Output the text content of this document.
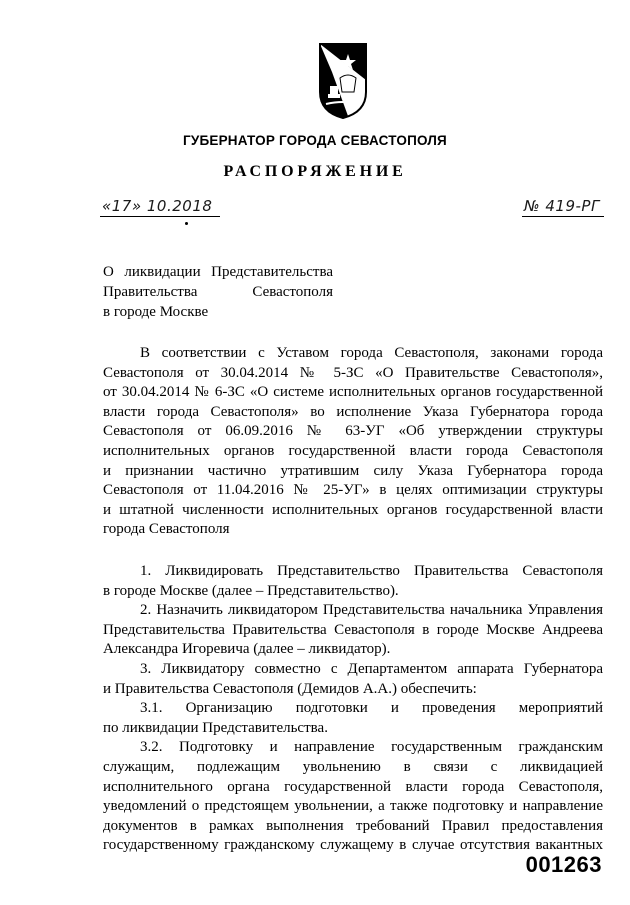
ГУБЕРНАТОР ГОРОДА СЕВАСТОПОЛЯ
РАСПОРЯЖЕНИЕ
«17» 10.2018	№ 419-РГ
О ликвидации Представительства
Правительства Севастополя
в городе Москве
В соответствии с Уставом города Севастополя, законами города
Севастополя от 30.04.2014 № 5-ЗС «О Правительстве Севастополя»,
от 30.04.2014 № 6-ЗС «О системе исполнительных органов государственной
власти города Севастополя» во исполнение Указа Губернатора города
Севастополя от 06.09.2016 № 63-УГ «Об утверждении структуры
исполнительных органов государственной власти города Севастополя
и признании частично утратившим силу Указа Губернатора города
Севастополя от 11.04.2016 № 25-УГ» в целях оптимизации структуры
и штатной численности исполнительных органов государственной власти
города Севастополя
1. Ликвидировать Представительство Правительства Севастополя
в городе Москве (далее – Представительство).
2. Назначить ликвидатором Представительства начальника Управления
Представительства Правительства Севастополя в городе Москве Андреева
Александра Игоревича (далее – ликвидатор).
3. Ликвидатору совместно с Департаментом аппарата Губернатора
и Правительства Севастополя (Демидов А.А.) обеспечить:
3.1. Организацию подготовки и проведения мероприятий
по ликвидации Представительства.
3.2. Подготовку и направление государственным гражданским
служащим, подлежащим увольнению в связи с ликвидацией
исполнительного органа государственной власти города Севастополя,
уведомлений о предстоящем увольнении, а также подготовку и направление
документов в рамках выполнения требований Правил предоставления
государственному гражданскому служащему в случае отсутствия вакантных
001263
